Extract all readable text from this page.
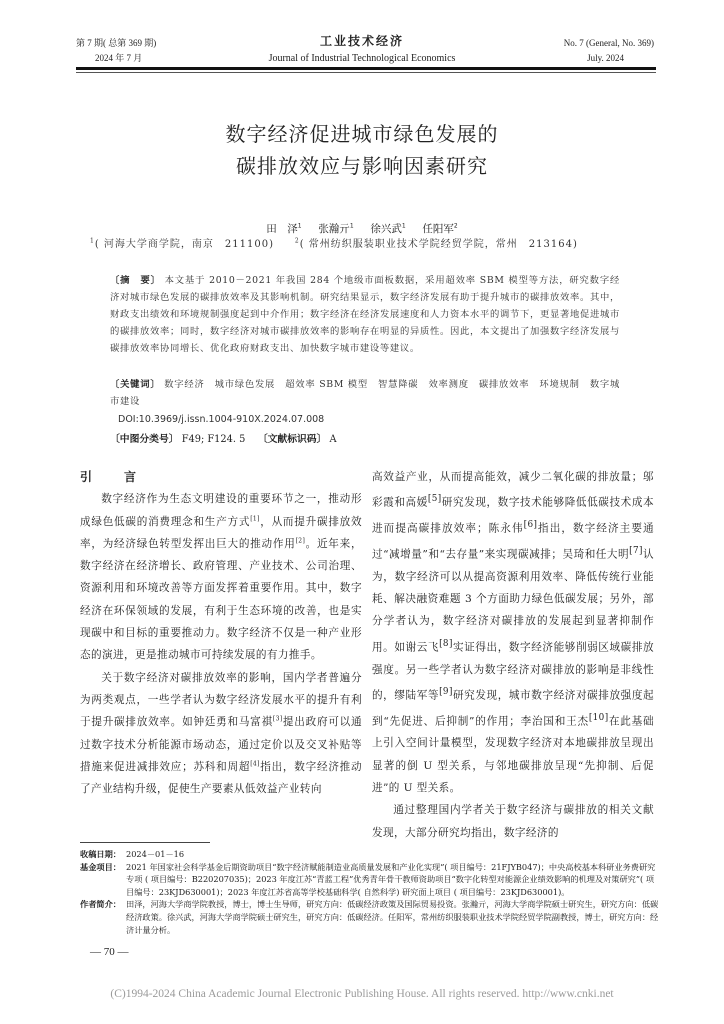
第 7 期( 总第 369 期)
2024 年 7 月
工业技术经济
Journal of Industrial Technological Economics
No. 7 (General, No. 369)
July. 2024
数字经济促进城市绿色发展的
碳排放效应与影响因素研究
田　泽$^1$ 张瀚亓$^1$ 徐兴武$^1$ 任阳军$^2$
$^1$( 河海大学商学院，南京　211100)	$^2$( 常州纺织服装职业技术学院经贸学院，常州　213164)
〔摘　要〕 本文基于 2010－2021 年我国 284 个地级市面板数据，采用超效率 SBM 模型等方法，研究数字经济对城市绿色发展的碳排放效率及其影响机制。研究结果显示，数字经济发展有助于提升城市的碳排放效率。其中，财政支出绩效和环境规制强度起到中介作用；数字经济在经济发展速度和人力资本水平的调节下，更显著地促进城市的碳排放效率；同时，数字经济对城市碳排放效率的影响存在明显的异质性。因此，本文提出了加强数字经济发展与碳排放效率协同增长、优化政府财政支出、加快数字城市建设等建议。
〔关键词〕 数字经济　城市绿色发展　超效率 SBM 模型　智慧降碳　效率测度　碳排放效率　环境规制　数字城市建设
DOI:10.3969/j.issn.1004-910X.2024.07.008
〔中图分类号〕 F49; F124. 5 〔文献标识码〕 A
引　言

数字经济作为生态文明建设的重要环节之一，推动形成绿色低碳的消费理念和生产方式[1]，从而提升碳排放效率，为经济绿色转型发挥出巨大的推动作用[2]。近年来，数字经济在经济增长、政府管理、产业技术、公司治理、资源利用和环境改善等方面发挥着重要作用。其中，数字经济在环保领域的发展，有利于生态环境的改善，也是实现碳中和目标的重要推动力。数字经济不仅是一种产业形态的演进，更是推动城市可持续发展的有力推手。

关于数字经济对碳排放效率的影响，国内学者普遍分为两类观点，一些学者认为数字经济发展水平的提升有利于提升碳排放效率。如钟廷勇和马富祺[3]提出政府可以通过数字技术分析能源市场动态，通过定价以及交叉补贴等措施来促进减排效应；苏科和周超[4]指出，数字经济推动了产业结构升级，促使生产要素从低效益产业转向

高效益产业，从而提高能效，减少二氧化碳的排放量；邬彩霞和高媛[5]研究发现，数字技术能够降低低碳技术成本进而提高碳排放效率；陈永伟[6]指出，数字经济主要通过“减增量”和“去存量”来实现碳减排；吴琦和任大明[7]认为，数字经济可以从提高资源利用效率、降低传统行业能耗、解决融资难题 3 个方面助力绿色低碳发展；另外，部分学者认为，数字经济对碳排放的发展起到显著抑制作用。如谢云飞[8]实证得出，数字经济能够削弱区域碳排放强度。另一些学者认为数字经济对碳排放的影响是非线性的，缪陆军等[9]研究发现，城市数字经济对碳排放强度起到“先促进、后抑制”的作用；李治国和王杰[10]在此基础上引入空间计量模型，发现数字经济对本地碳排放呈现出显著的倒 U 型关系，与邻地碳排放呈现“先抑制、后促进”的 U 型关系。

通过整理国内学者关于数字经济与碳排放的相关文献发现，大部分研究均指出，数字经济的

收稿日期： 2024－01－16
基金项目： 2021 年国家社会科学基金后期资助项目“数字经济赋能制造业高质量发展和产业化实现”( 项目编号：21FJYB047)；中央高校基本科研业务费研究专项 ( 项目编号：B220207035)；2023 年度江苏“青蓝工程”优秀青年骨干教师资助项目“数字化转型对能源企业绩效影响的机理及对策研究”( 项目编号：23KJD630001)；2023 年度江苏省高等学校基础科学( 自然科学) 研究面上项目 ( 项目编号：23KJD630001)。
作者简介： 田泽，河海大学商学院教授，博士，博士生导师，研究方向：低碳经济政策及国际贸易投资。张瀚亓，河海大学商学院硕士研究生，研究方向：低碳经济政策。徐兴武，河海大学商学院硕士研究生，研究方向：低碳经济。任阳军，常州纺织服装职业技术学院经贸学院副教授，博士，研究方向：经济计量分析。
— 70 —
(C)1994-2024 China Academic Journal Electronic Publishing House. All rights reserved. http://www.cnki.net
